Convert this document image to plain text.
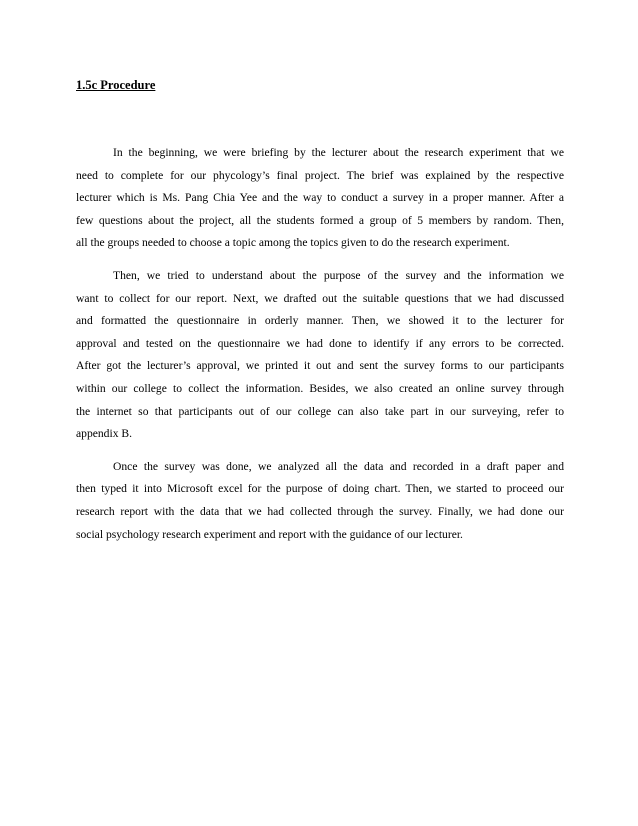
1.5c Procedure

In the beginning, we were briefing by the lecturer about the research experiment that we
need to complete for our phycology’s final project. The brief was explained by the respective
lecturer which is Ms. Pang Chia Yee and the way to conduct a survey in a proper manner. After a
few questions about the project, all the students formed a group of 5 members by random. Then,
all the groups needed to choose a topic among the topics given to do the research experiment.

Then, we tried to understand about the purpose of the survey and the information we
want to collect for our report. Next, we drafted out the suitable questions that we had discussed
and formatted the questionnaire in orderly manner. Then, we showed it to the lecturer for
approval and tested on the questionnaire we had done to identify if any errors to be corrected.
After got the lecturer’s approval, we printed it out and sent the survey forms to our participants
within our college to collect the information. Besides, we also created an online survey through
the internet so that participants out of our college can also take part in our surveying, refer to
appendix B.

Once the survey was done, we analyzed all the data and recorded in a draft paper and
then typed it into Microsoft excel for the purpose of doing chart. Then, we started to proceed our
research report with the data that we had collected through the survey. Finally, we had done our
social psychology research experiment and report with the guidance of our lecturer.
